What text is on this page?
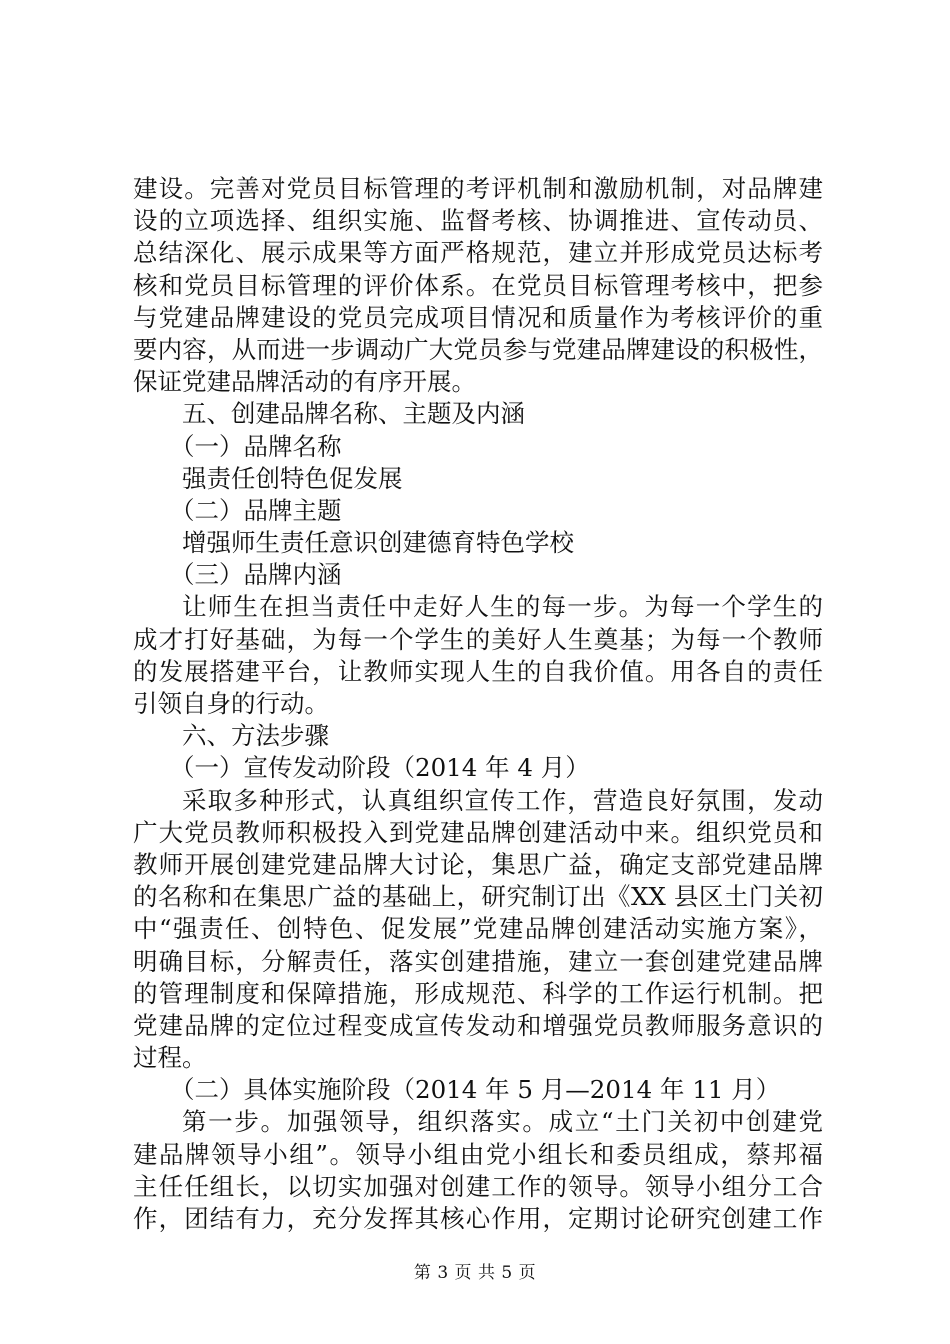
建设。完善对党员目标管理的考评机制和激励机制，对品牌建
设的立项选择、组织实施、监督考核、协调推进、宣传动员、
总结深化、展示成果等方面严格规范，建立并形成党员达标考
核和党员目标管理的评价体系。在党员目标管理考核中，把参
与党建品牌建设的党员完成项目情况和质量作为考核评价的重
要内容，从而进一步调动广大党员参与党建品牌建设的积极性，
保证党建品牌活动的有序开展。
五、创建品牌名称、主题及内涵
（一）品牌名称
强责任创特色促发展
（二）品牌主题
增强师生责任意识创建德育特色学校
（三）品牌内涵
让师生在担当责任中走好人生的每一步。为每一个学生的
成才打好基础，为每一个学生的美好人生奠基；为每一个教师
的发展搭建平台，让教师实现人生的自我价值。用各自的责任
引领自身的行动。
六、方法步骤
（一）宣传发动阶段（2014 年 4 月）
采取多种形式，认真组织宣传工作，营造良好氛围，发动
广大党员教师积极投入到党建品牌创建活动中来。组织党员和
教师开展创建党建品牌大讨论，集思广益，确定支部党建品牌
的名称和在集思广益的基础上，研究制订出《XX 县区土门关初
中“强责任、创特色、促发展”党建品牌创建活动实施方案》，
明确目标，分解责任，落实创建措施，建立一套创建党建品牌
的管理制度和保障措施，形成规范、科学的工作运行机制。把
党建品牌的定位过程变成宣传发动和增强党员教师服务意识的
过程。
（二）具体实施阶段（2014 年 5 月—2014 年 11 月）
第一步。加强领导，组织落实。成立“土门关初中创建党
建品牌领导小组”。领导小组由党小组长和委员组成，蔡邦福
主任任组长，以切实加强对创建工作的领导。领导小组分工合
作，团结有力，充分发挥其核心作用，定期讨论研究创建工作
第 3 页 共 5 页
